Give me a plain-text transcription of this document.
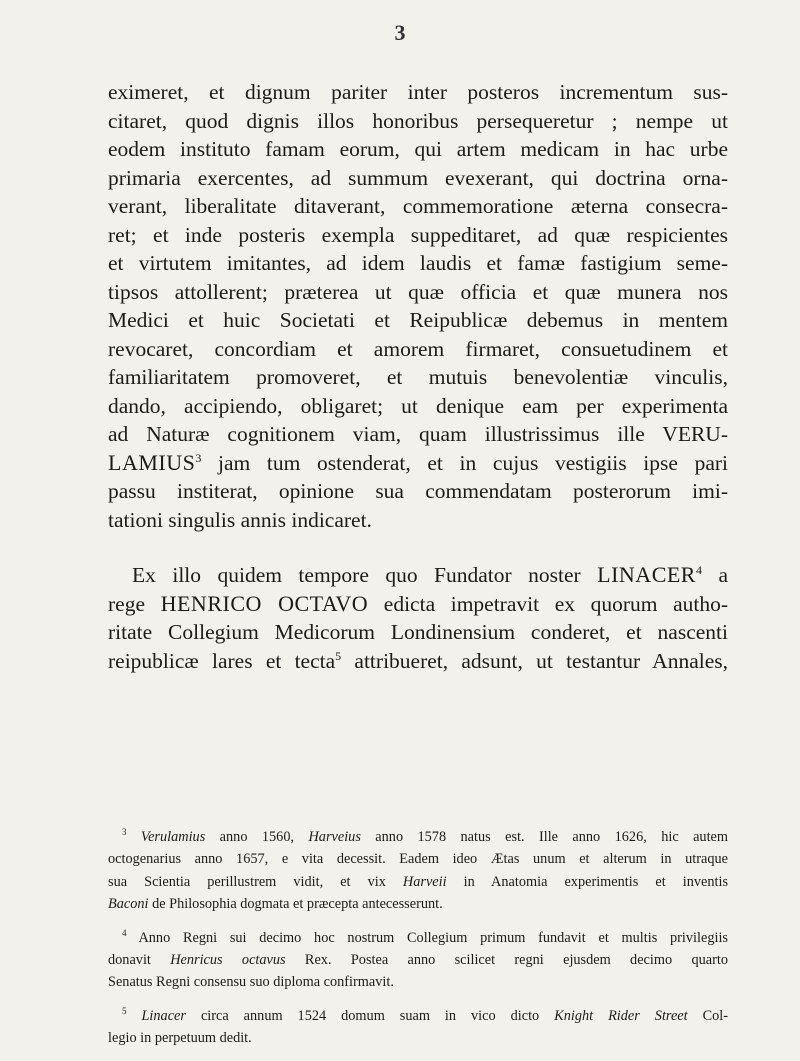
3
eximeret, et dignum pariter inter posteros incrementum sus-
citaret, quod dignis illos honoribus persequeretur ; nempe ut
eodem instituto famam eorum, qui artem medicam in hac urbe
primaria exercentes, ad summum evexerant, qui doctrina orna-
verant, liberalitate ditaverant, commemoratione æterna consecra-
ret; et inde posteris exempla suppeditaret, ad quæ respicientes
et virtutem imitantes, ad idem laudis et famæ fastigium seme-
tipsos attollerent; præterea ut quæ officia et quæ munera nos
Medici et huic Societati et Reipublicæ debemus in mentem
revocaret, concordiam et amorem firmaret, consuetudinem et
familiaritatem promoveret, et mutuis benevolentiæ vinculis,
dando, accipiendo, obligaret; ut denique eam per experimenta
ad Naturæ cognitionem viam, quam illustrissimus ille VERU-
LAMIUS$^3$ jam tum ostenderat, et in cujus vestigiis ipse pari
passu institerat, opinione sua commendatam posterorum imi-
tationi singulis annis indicaret.
Ex illo quidem tempore quo Fundator noster LINACER$^4$ a
rege HENRICO OCTAVO edicta impetravit ex quorum autho-
ritate Collegium Medicorum Londinensium conderet, et nascenti
reipublicæ lares et tecta$^5$ attribueret, adsunt, ut testantur Annales,
$^3$ Verulamius anno 1560, Harveius anno 1578 natus est. Ille anno 1626, hic autem
octogenarius anno 1657, e vita decessit. Eadem ideo Ætas unum et alterum in utraque
sua Scientia perillustrem vidit, et vix Harveii in Anatomia experimentis et inventis
Baconi de Philosophia dogmata et præcepta antecesserunt.
$^4$ Anno Regni sui decimo hoc nostrum Collegium primum fundavit et multis privilegiis
donavit Henricus octavus Rex. Postea anno scilicet regni ejusdem decimo quarto
Senatus Regni consensu suo diploma confirmavit.
$^5$ Linacer circa annum 1524 domum suam in vico dicto Knight Rider Street Col-
legio in perpetuum dedit.
